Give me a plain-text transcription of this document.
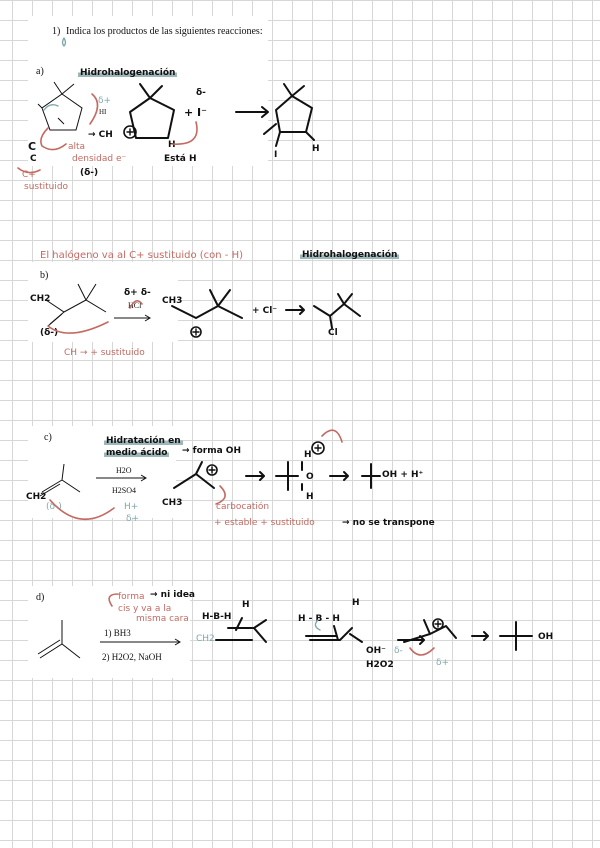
1) Indica los productos de las siguientes reacciones:
a)	Hidrohalogenación
δ+
HI
δ-
+ I⁻
→ CH
C	alta
C	densidad e⁻
(δ-)
C+
sustituido
H
Está H	I
H
El halógeno va al C+ sustituido (con - H)	Hidrohalogenación
b)
CH2
δ+ δ-
HCl CH3
+ Cl⁻
(δ-)
CH → + sustituido
Cl
c)	Hidratación en
medio ácido → forma OH
H2O
H2SO4
CH2
(δ-)	H+
δ+
CH3	carbocatión
+ estable + sustituido	→ no se transpone
H
O
H
OH + H⁺
d)	forma → ni idea
cis y va a la
misma cara
1) BH3
2) H2O2, NaOH
H-B-H
H
CH2
H - B - H
H
OH⁻ δ-
H2O2	δ+
OH
